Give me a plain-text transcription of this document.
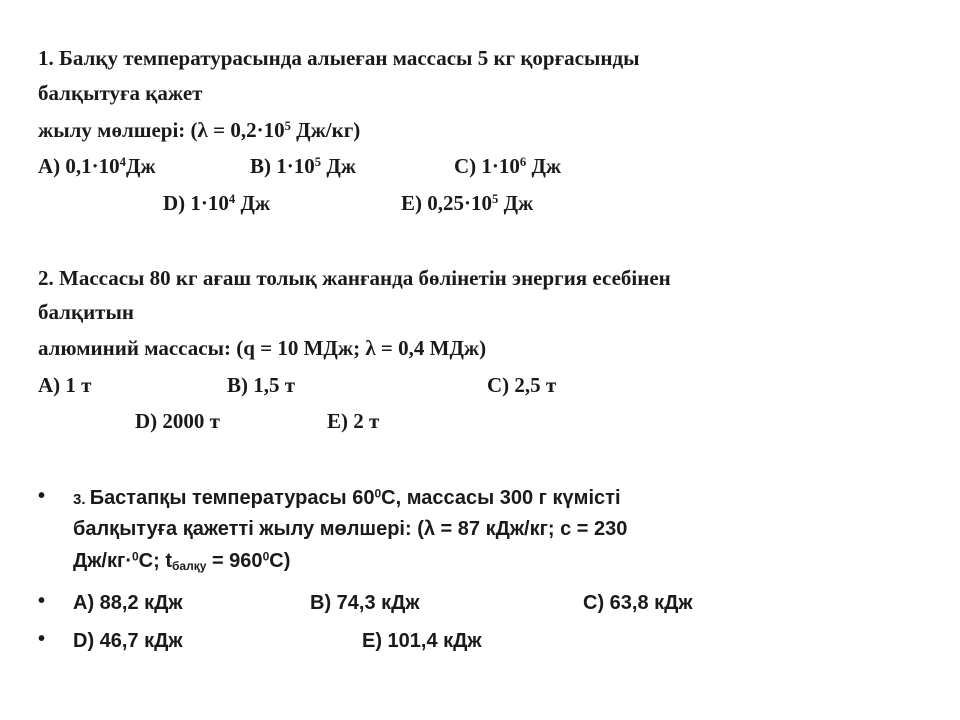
1. Балқу температурасында алыеған массасы 5 кг қорғасынды
балқытуға қажет
жылу мөлшері: ($\lambda = 0,2\cdot 10^5$ Дж/кг)
А) $0,1\cdot 10^4Дж$	В) $1\cdot 10^5$ Дж	С) $1\cdot 10^6$ Дж
D) $1\cdot 10^4$ Дж	Е) $0,25\cdot 10^5$ Дж
2. Массасы 80 кг ағаш толық жанғанда бөлінетін энергия есебінен
балқитын
алюминий массасы: (q = 10 МДж; λ = 0,4 МДж)
А) 1 т	В) 1,5 т	С) 2,5 т
D) 2000 т	Е) 2 т
• 3. Бастапқы температурасы $60^0С$, массасы 300 г күмісті
балқытуға қажетті жылу мөлшері: (λ = 87 кДж/кг; с = 230
Дж/кг·$^0$С; $t_{балқу} = 960^0С$)
• А) 88,2 кДж	В) 74,3 кДж	С) 63,8 кДж
• D) 46,7 кДж	Е) 101,4 кДж
